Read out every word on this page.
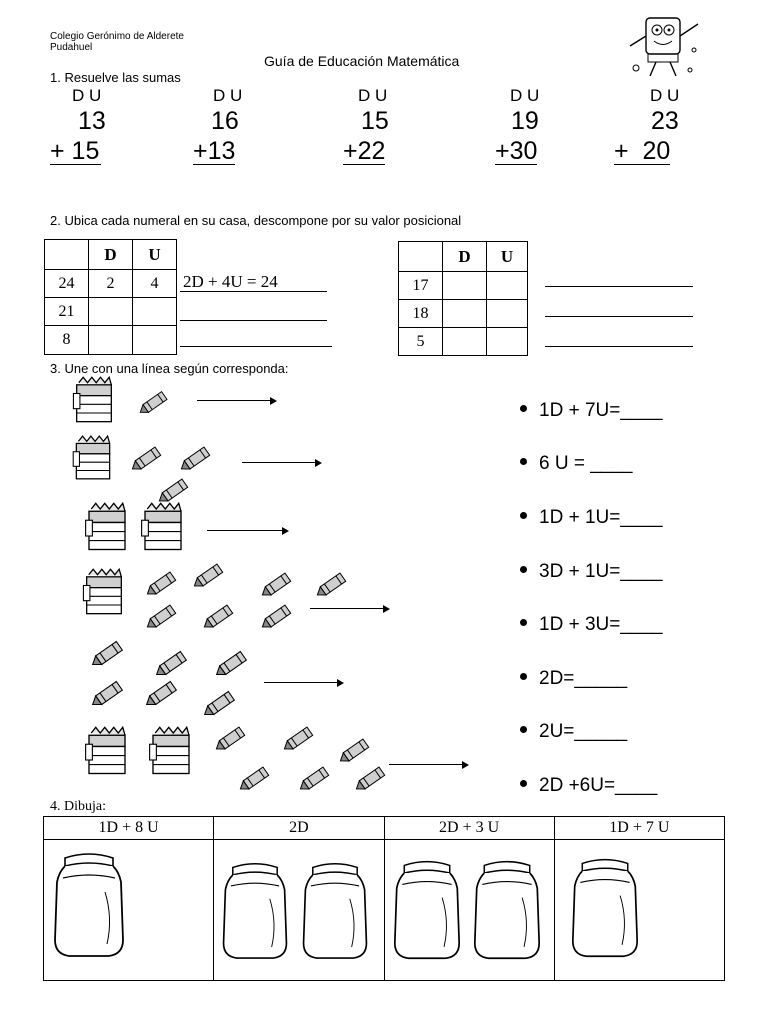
Colegio Gerónimo de Alderete
Pudahuel
Guía de Educación Matemática
1. Resuelve las sumas
D U	D U	D U	D U	D U
13	16	15	19	23
+ 15	+13	+22	+30	+  20
2. Ubica cada numeral en su casa, descompone por su valor posicional
	D	U
24	2	4
21		
8		
2D + 4U = 24
	D	U
17		
18		
5		
3. Une con una línea según corresponda:
1D + 7U=____
6 U = ____
1D + 1U=____
3D + 1U=____
1D + 3U=____
2D=_____
2U=_____
2D +6U=____
4. Dibuja:
1D + 8 U	2D	2D + 3 U	1D + 7 U
